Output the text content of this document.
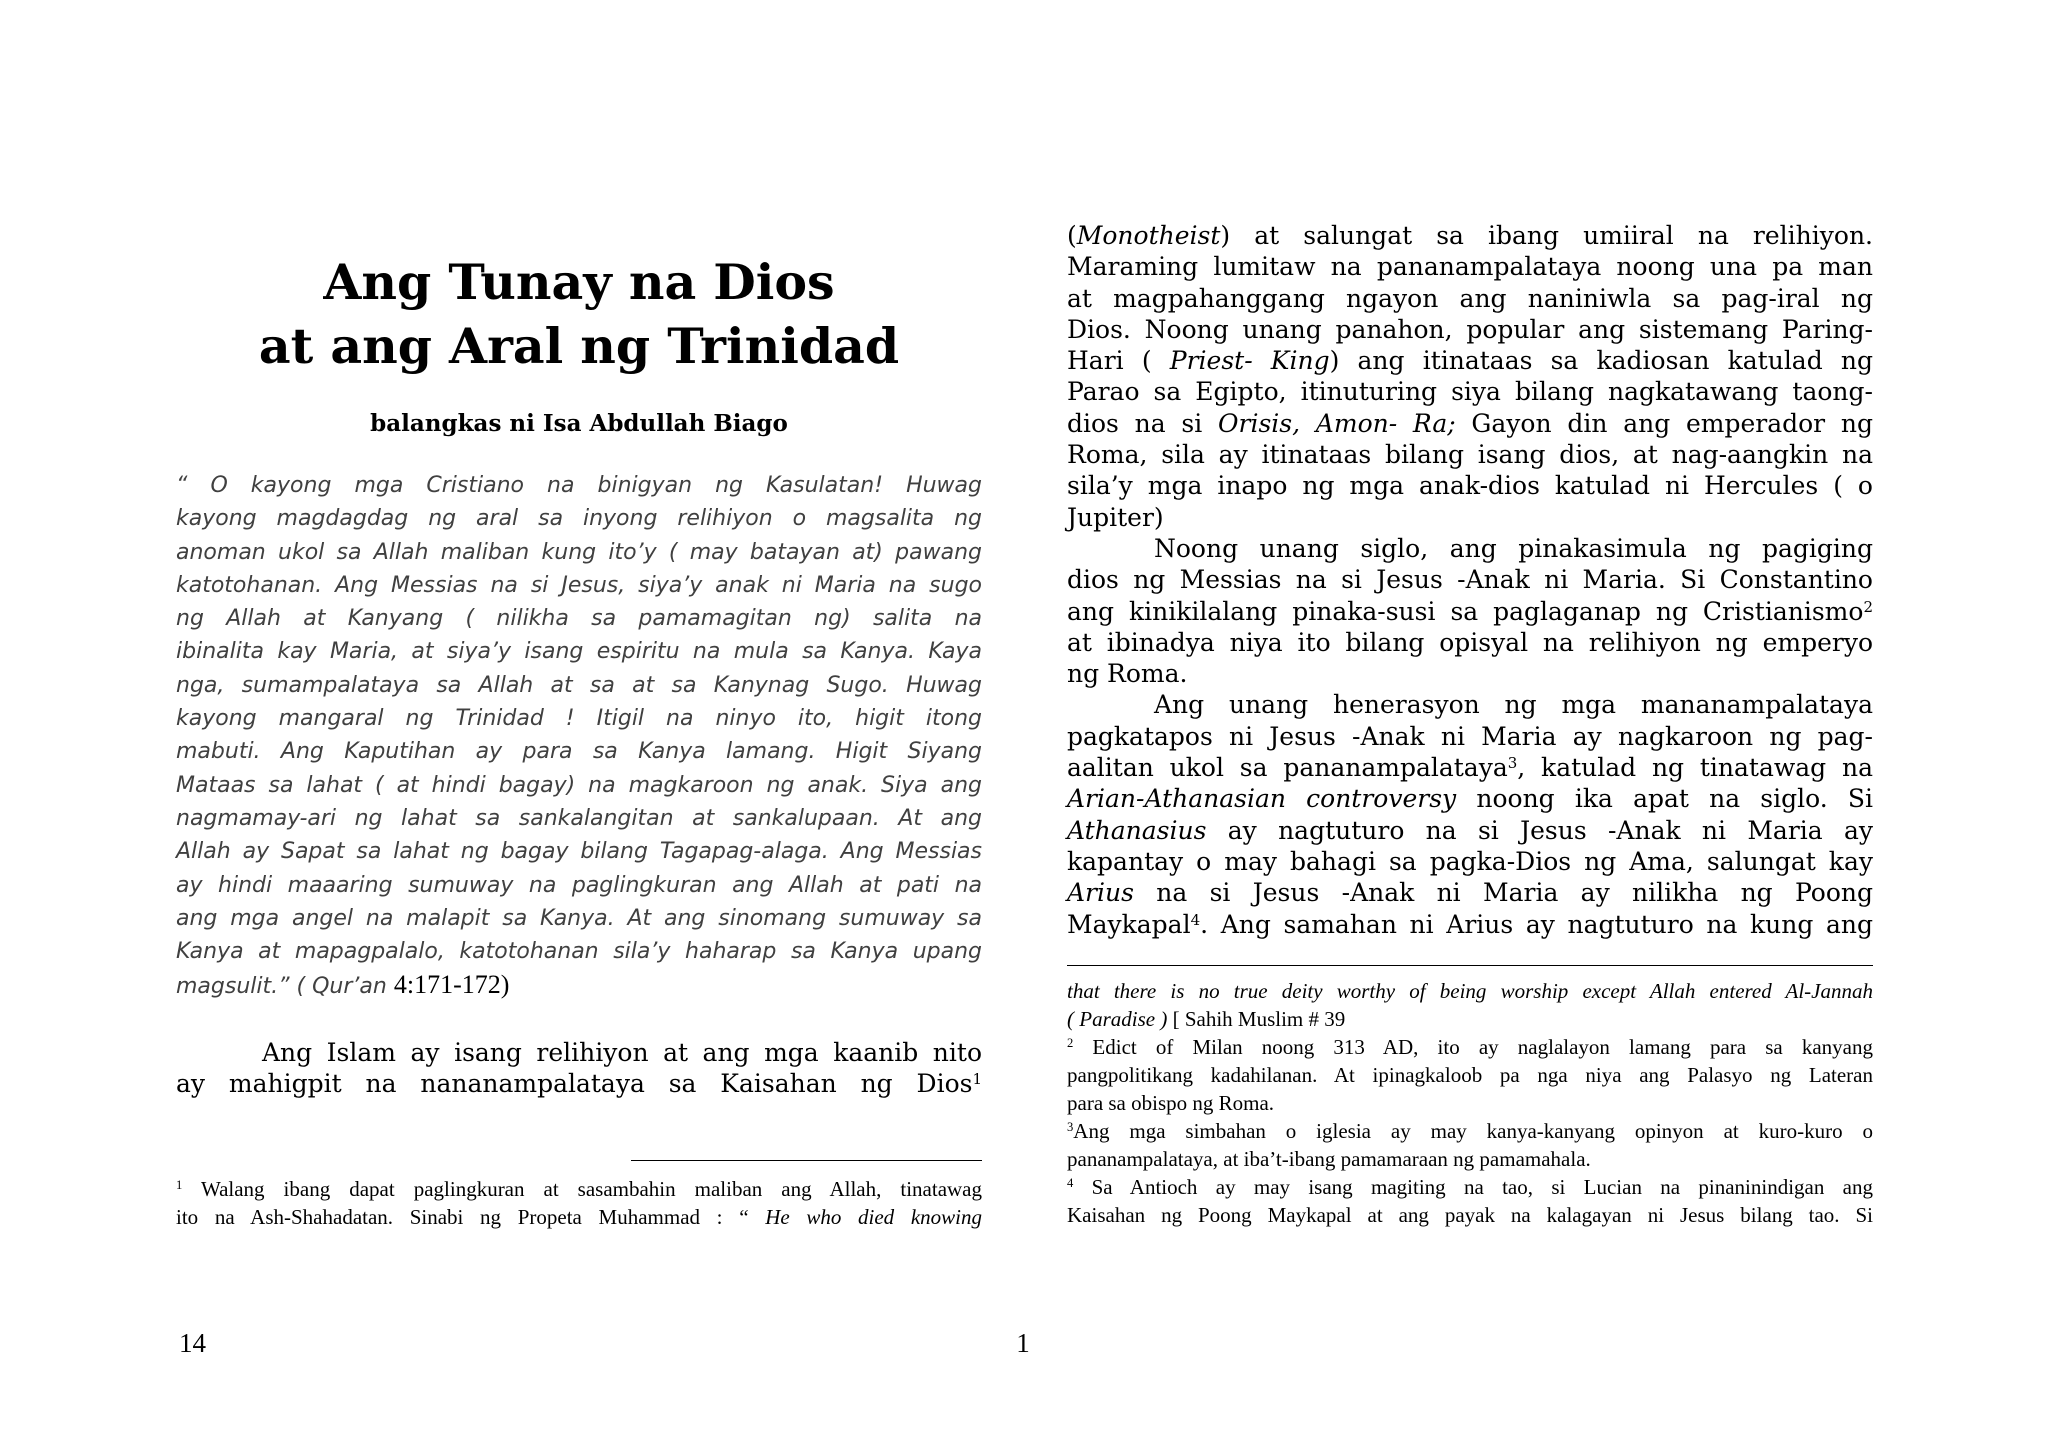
Ang Tunay na Dios
at ang Aral ng Trinidad
balangkas ni Isa Abdullah Biago
“ O kayong mga Cristiano na binigyan ng Kasulatan! Huwag
kayong magdagdag ng aral sa inyong relihiyon o magsalita ng
anoman ukol sa Allah maliban kung ito’y ( may batayan at) pawang
katotohanan. Ang Messias na si Jesus, siya’y anak ni Maria na sugo
ng Allah at Kanyang ( nilikha sa pamamagitan ng) salita na
ibinalita kay Maria, at siya’y isang espiritu na mula sa Kanya. Kaya
nga, sumampalataya sa Allah at sa at sa Kanynag Sugo. Huwag
kayong mangaral ng Trinidad ! Itigil na ninyo ito, higit itong
mabuti. Ang Kaputihan ay para sa Kanya lamang. Higit Siyang
Mataas sa lahat ( at hindi bagay) na magkaroon ng anak. Siya ang
nagmamay-ari ng lahat sa sankalangitan at sankalupaan. At ang
Allah ay Sapat sa lahat ng bagay bilang Tagapag-alaga. Ang Messias
ay hindi maaaring sumuway na paglingkuran ang Allah at pati na
ang mga angel na malapit sa Kanya. At ang sinomang sumuway sa
Kanya at mapagpalalo, katotohanan sila’y haharap sa Kanya upang
magsulit.” ( Qur’an 4:171-172)
Ang Islam ay isang relihiyon at ang mga kaanib nito
ay mahigpit na nananampalataya sa Kaisahan ng Dios$^1$
$^1$ Walang ibang dapat paglingkuran at sasambahin maliban ang Allah, tinatawag
ito na Ash-Shahadatan. Sinabi ng Propeta Muhammad : “ He who died knowing
14
(Monotheist) at salungat sa ibang umiiral na relihiyon.
Maraming lumitaw na pananampalataya noong una pa man
at magpahanggang ngayon ang naniniwla sa pag-iral ng
Dios. Noong unang panahon, popular ang sistemang Paring-
Hari ( Priest- King) ang itinataas sa kadiosan katulad ng
Parao sa Egipto, itinuturing siya bilang nagkatawang taong-
dios na si Orisis, Amon- Ra; Gayon din ang emperador ng
Roma, sila ay itinataas bilang isang dios, at nag-aangkin na
sila’y mga inapo ng mga anak-dios katulad ni Hercules ( o
Jupiter)
Noong unang siglo, ang pinakasimula ng pagiging
dios ng Messias na si Jesus -Anak ni Maria. Si Constantino
ang kinikilalang pinaka-susi sa paglaganap ng Cristianismo$^2$
at ibinadya niya ito bilang opisyal na relihiyon ng emperyo
ng Roma.
Ang unang henerasyon ng mga mananampalataya
pagkatapos ni Jesus -Anak ni Maria ay nagkaroon ng pag-
aalitan ukol sa pananampalataya$^3$, katulad ng tinatawag na
Arian-Athanasian controversy noong ika apat na siglo. Si
Athanasius ay nagtuturo na si Jesus -Anak ni Maria ay
kapantay o may bahagi sa pagka-Dios ng Ama, salungat kay
Arius na si Jesus -Anak ni Maria ay nilikha ng Poong
Maykapal$^4$. Ang samahan ni Arius ay nagtuturo na kung ang
that there is no true deity worthy of being worship except Allah entered Al-Jannah
( Paradise ) [ Sahih Muslim # 39
$^2$ Edict of Milan noong 313 AD, ito ay naglalayon lamang para sa kanyang
pangpolitikang kadahilanan. At ipinagkaloob pa nga niya ang Palasyo ng Lateran
para sa obispo ng Roma.
$^3$Ang mga simbahan o iglesia ay may kanya-kanyang opinyon at kuro-kuro o
pananampalataya, at iba’t-ibang pamamaraan ng pamamahala.
$^4$ Sa Antioch ay may isang magiting na tao, si Lucian na pinaninindigan ang
Kaisahan ng Poong Maykapal at ang payak na kalagayan ni Jesus bilang tao. Si
1
